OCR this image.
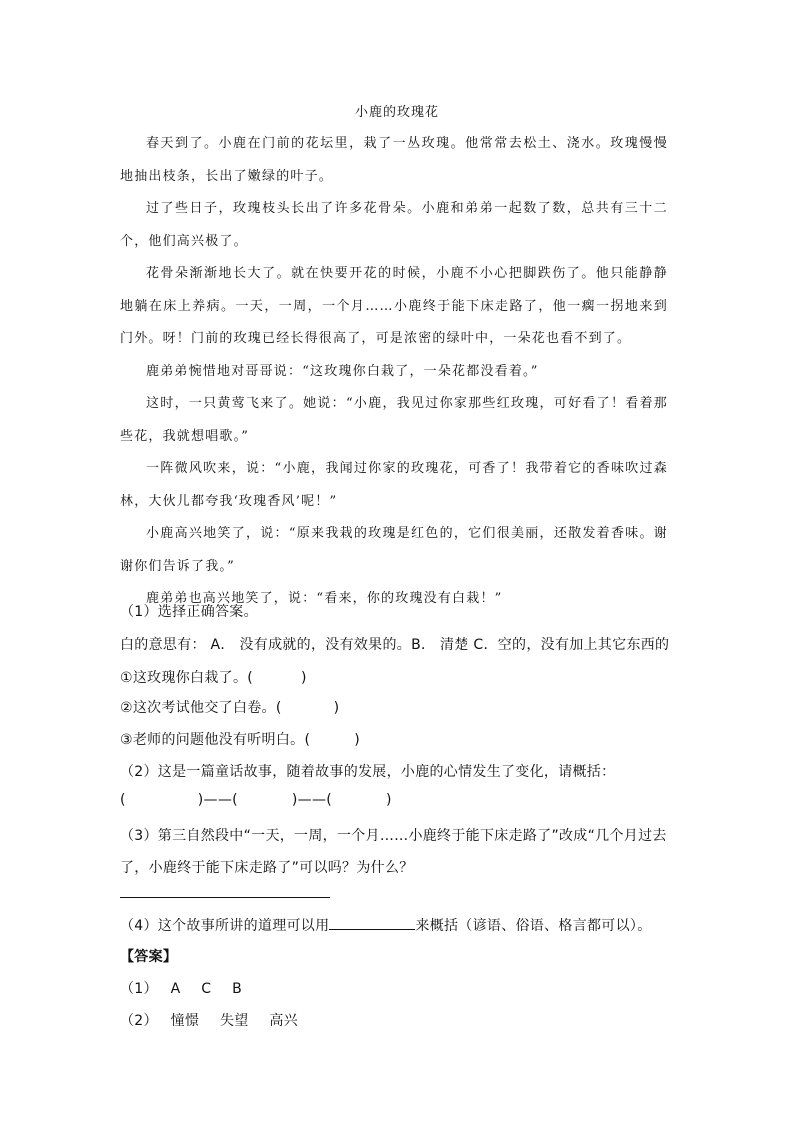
小鹿的玫瑰花

春天到了。小鹿在门前的花坛里，栽了一丛玫瑰。他常常去松土、浇水。玫瑰慢慢地抽出枝条，长出了嫩绿的叶子。

过了些日子，玫瑰枝头长出了许多花骨朵。小鹿和弟弟一起数了数，总共有三十二个，他们高兴极了。

花骨朵渐渐地长大了。就在快要开花的时候，小鹿不小心把脚跌伤了。他只能静静地躺在床上养病。一天，一周，一个月……小鹿终于能下床走路了，他一瘸一拐地来到门外。呀！门前的玫瑰已经长得很高了，可是浓密的绿叶中，一朵花也看不到了。

鹿弟弟惋惜地对哥哥说：“这玫瑰你白栽了，一朵花都没看着。”

这时，一只黄莺飞来了。她说：“小鹿，我见过你家那些红玫瑰，可好看了！看着那些花，我就想唱歌。”

一阵微风吹来，说：“小鹿，我闻过你家的玫瑰花，可香了！我带着它的香味吹过森林，大伙儿都夸我‘玫瑰香风’呢！”

小鹿高兴地笑了，说：“原来我栽的玫瑰是红色的，它们很美丽，还散发着香味。谢谢你们告诉了我。”

鹿弟弟也高兴地笑了，说：“看来，你的玫瑰没有白栽！”

（1）选择正确答案。
白的意思有： A． 没有成就的，没有效果的。B． 清楚 C．空的，没有加上其它东西的
①这玫瑰你白栽了。(	)
②这次考试他交了白卷。(	)
③老师的问题他没有听明白。(	)
（2）这是一篇童话故事，随着故事的发展，小鹿的心情发生了变化，请概括：
(	)——(	)——(	)
（3）第三自然段中“一天，一周，一个月……小鹿终于能下床走路了”改成“几个月过去
了，小鹿终于能下床走路了”可以吗？为什么？
（4）这个故事所讲的道理可以用	来概括（谚语、俗语、格言都可以）。
【答案】
（1） A C B
（2） 憧憬 失望 高兴
